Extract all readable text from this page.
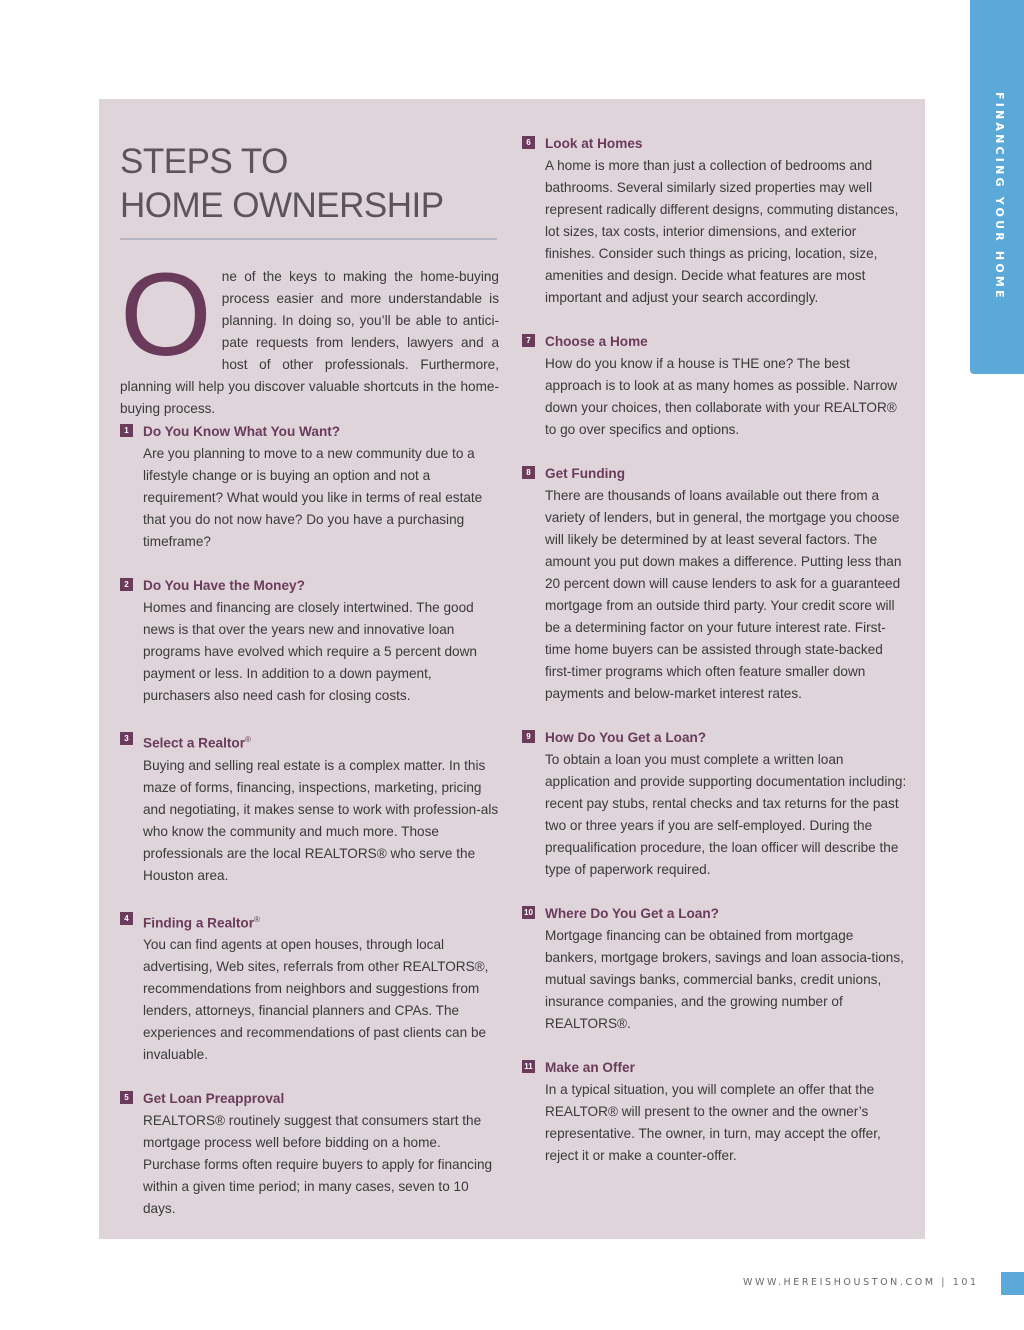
FINANCING YOUR HOME
STEPS TO
HOME OWNERSHIP

One of the keys to making the home-buying process easier and more understandable is planning. In doing so, you’ll be able to antici-pate requests from lenders, lawyers and a host of other professionals. Furthermore, planning will help you discover valuable shortcuts in the home-buying process.

1	Do You Know What You Want?
Are you planning to move to a new community due to a lifestyle change or is buying an option and not a requirement? What would you like in terms of real estate that you do not now have? Do you have a purchasing timeframe?
2	Do You Have the Money?
Homes and financing are closely intertwined. The good news is that over the years new and innovative loan programs have evolved which require a 5 percent down payment or less. In addition to a down payment, purchasers also need cash for closing costs.
3	Select a Realtor®
Buying and selling real estate is a complex matter. In this maze of forms, financing, inspections, marketing, pricing and negotiating, it makes sense to work with profession-als who know the community and much more. Those professionals are the local REALTORS® who serve the Houston area.
4	Finding a Realtor®
You can find agents at open houses, through local advertising, Web sites, referrals from other REALTORS®, recommendations from neighbors and suggestions from lenders, attorneys, financial planners and CPAs. The experiences and recommendations of past clients can be invaluable.
5	Get Loan Preapproval
REALTORS® routinely suggest that consumers start the mortgage process well before bidding on a home. Purchase forms often require buyers to apply for financing within a given time period; in many cases, seven to 10 days.
6	Look at Homes
A home is more than just a collection of bedrooms and bathrooms. Several similarly sized properties may well represent radically different designs, commuting distances, lot sizes, tax costs, interior dimensions, and exterior finishes. Consider such things as pricing, location, size, amenities and design. Decide what features are most important and adjust your search accordingly.
7	Choose a Home
How do you know if a house is THE one? The best approach is to look at as many homes as possible. Narrow down your choices, then collaborate with your REALTOR® to go over specifics and options.
8	Get Funding
There are thousands of loans available out there from a variety of lenders, but in general, the mortgage you choose will likely be determined by at least several factors. The amount you put down makes a difference. Putting less than 20 percent down will cause lenders to ask for a guaranteed mortgage from an outside third party. Your credit score will be a determining factor on your future interest rate. First-time home buyers can be assisted through state-backed first-timer programs which often feature smaller down payments and below-market interest rates.
9	How Do You Get a Loan?
To obtain a loan you must complete a written loan application and provide supporting documentation including: recent pay stubs, rental checks and tax returns for the past two or three years if you are self-employed. During the prequalification procedure, the loan officer will describe the type of paperwork required.
10 Where Do You Get a Loan?
Mortgage financing can be obtained from mortgage bankers, mortgage brokers, savings and loan associa-tions, mutual savings banks, commercial banks, credit unions, insurance companies, and the growing number of REALTORS®.
11 Make an Offer
In a typical situation, you will complete an offer that the REALTOR® will present to the owner and the owner’s representative. The owner, in turn, may accept the offer, reject it or make a counter-offer.
WWW.HEREISHOUSTON.COM | 101
